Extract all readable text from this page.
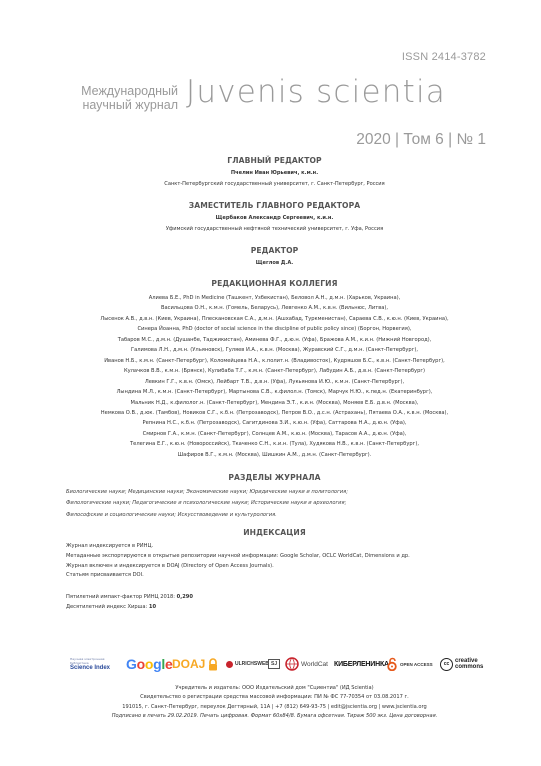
ISSN 2414-3782
Международный
научный журнал Juvenis scientia
2020 | Том 6 | № 1
ГЛАВНЫЙ РЕДАКТОР
Пчелин Иван Юрьевич, к.м.н.
Санкт-Петербургский государственный университет, г. Санкт-Петербург, Россия
ЗАМЕСТИТЕЛЬ ГЛАВНОГО РЕДАКТОРА
Щербаков Александр Сергеевич, к.и.н.
Уфимский государственный нефтяной технический университет, г. Уфа, Россия
РЕДАКТОР
Щеглов Д.А.
РЕДАКЦИОННАЯ КОЛЛЕГИЯ
Алиева Б.Е., PhD in Medicine (Ташкент, Узбекистан), Беловол А.Н., д.м.н. (Харьков, Украина),
Васильцова О.Н., к.м.н. (Гомель, Беларусь), Левгенко А.М., к.в.н. (Вильнюс, Литва),
Лысенок А.В., д.в.н. (Киев, Украина), Плескановская С.А., д.м.н. (Ашхабад, Туркменистан), Сараева С.В., к.ю.н. (Киев, Украина),
Синера Йоанна, PhD (doctor of social science in the discipline of public policy since) (Боргон, Норвегия),
Табаров М.С., д.м.н. (Душанбе, Таджикистан), Аминева Ф.Г., д.ю.н. (Уфа), Бражова А.М., к.и.н. (Нижний Новгород),
Галимова Л.Н., д.м.н. (Ульяновск), Гуляев И.А., к.в.н. (Москва), Журавский С.Г., д.м.н. (Санкт-Петербург),
Иванов Н.Б., к.м.н. (Санкт-Петербург), Коломейцева Н.А., к.полит.н. (Владивосток), Кудряшов Б.С., к.в.н. (Санкт-Петербург),
Кулачков В.В., к.м.н. (Брянск), Кулибаба Т.Г., к.м.н. (Санкт-Петербург), Лабудин А.Б., д.в.н. (Санкт-Петербург)
Левкин Г.Г., к.в.н. (Омск), Лейбарт Т.В., д.в.н. (Уфа), Лукьянова И.Ю., к.м.н. (Санкт-Петербург),
Лындина М.Л., к.м.н. (Санкт-Петербург), Мартынова С.В., к.филол.н. (Томск), Марчук Н.Ю., к.пед.н. (Екатеринбург),
Мальник Н.Д., к.филолог.н. (Санкт-Петербург), Мендина Э.Т., к.и.н. (Москва), Моняев Е.Б. д.в.н. (Москва),
Немкова О.В., д.юк. (Тамбов), Новиков С.Г., к.б.н. (Петрозаводск), Петров В.О., д.с.н. (Астрахань), Пятаева О.А., к.в.н. (Москва),
Репнина Н.С., к.б.н. (Петрозаводск), Сагитдинова З.И., к.ю.н. (Уфа), Саттарова Н.А., д.ю.н. (Уфа),
Смирнов Г.А., к.м.н. (Санкт-Петербург), Солнцев А.М., к.ю.н. (Москва), Тарасов А.А., д.ю.н. (Уфа),
Телегина Е.Г., к.ю.н. (Новороссийск), Ткаченко С.Н., к.и.н. (Тула), Худякова Н.В., к.в.н. (Санкт-Петербург),
Шафиров В.Г., к.м.н. (Москва), Шишкин А.М., д.м.н. (Санкт-Петербург).
РАЗДЕЛЫ ЖУРНАЛА
Биологические науки; Медицинские науки; Экономические науки; Юридические науки и политология;
Филологические науки; Педагогические и психологические науки; Исторические науки и археология;
Философские и социологические науки; Искусствоведение и культурология.
ИНДЕКСАЦИЯ
Журнал индексируется в РИНЦ.
Метаданные экспортируются в открытые репозитории научной информации: Google Scholar, OCLC WorldCat, Dimensions и др.
Журнал включен и индексируется в DOAJ (Directory of Open Access Journals).
Статьям присваивается DOI.
Пятилетний импакт-фактор РИНЦ 2018: 0,290
Десятилетний индекс Хирша: 10
Научная электронная библиотека
Science Index G o o g l e DOAJ	ULRICHSWEB SJ	WorldCat КИБЕРЛЕНИНКА OPEN ACCESS	cc creative
commons
Учредитель и издатель: ООО Издательский дом "Сциентиа" (ИД Scientia)
Свидетельство о регистрации средства массовой информации: ПИ № ФС 77-70354 от 03.08.2017 г.
191015, г. Санкт-Петербург, переулок Дегтярный, 11А | +7 (812) 649-93-75 | edit@jscientia.org | www.jscientia.org
Подписано в печать 29.02.2019. Печать цифровая. Формат 60х84/8. Бумага офсетная. Тираж 500 экз. Цена договорная.
